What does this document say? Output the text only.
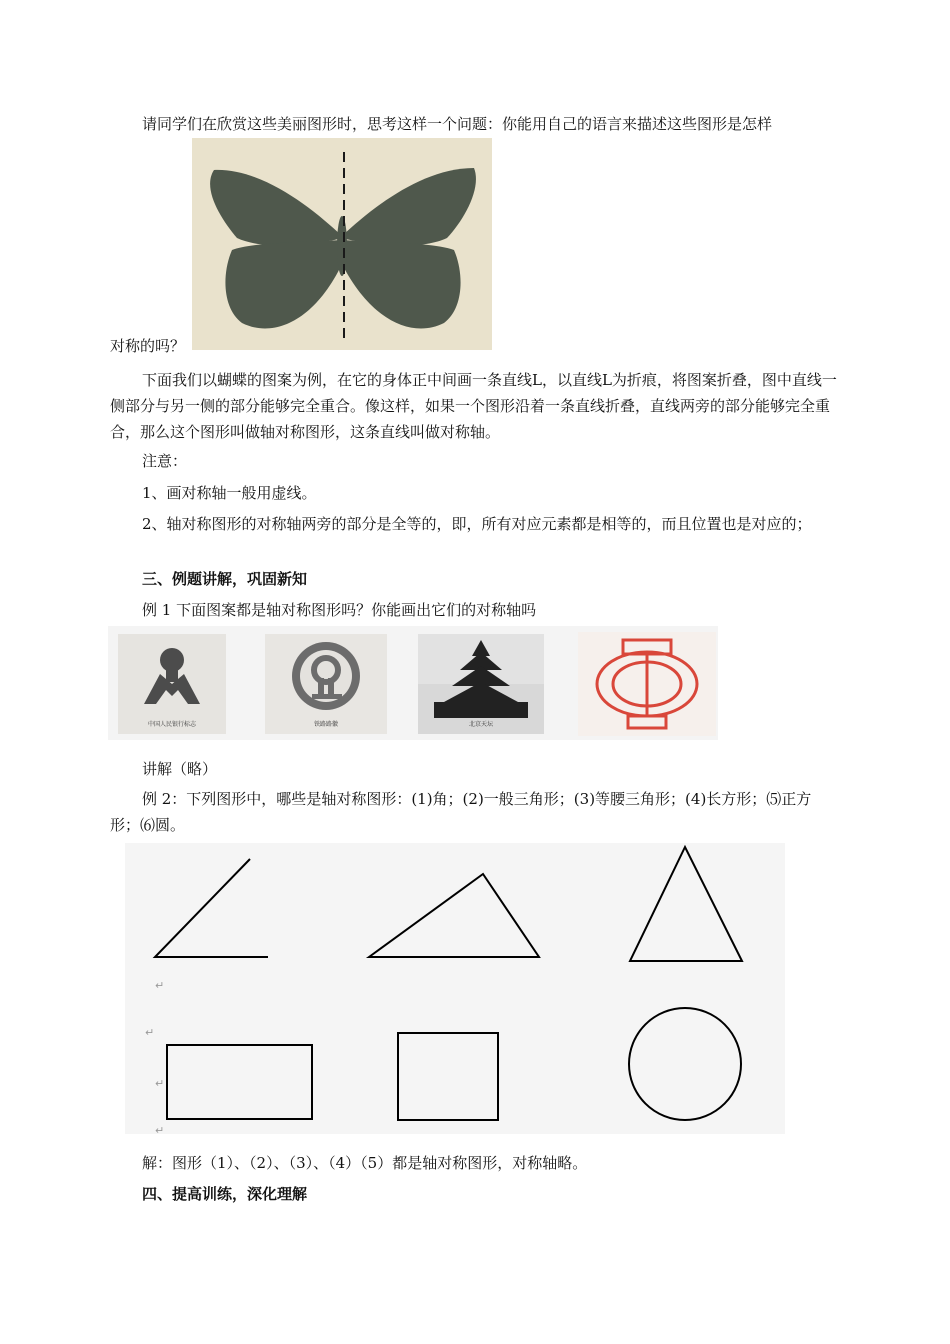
请同学们在欣赏这些美丽图形时，思考这样一个问题：你能用自己的语言来描述这些图形是怎样

对称的吗？

下面我们以蝴蝶的图案为例，在它的身体正中间画一条直线L，以直线L为折痕，将图案折叠，图中直线一侧部分与另一侧的部分能够完全重合。像这样，如果一个图形沿着一条直线折叠，直线两旁的部分能够完全重合，那么这个图形叫做轴对称图形，这条直线叫做对称轴。

注意：

1、画对称轴一般用虚线。

2、轴对称图形的对称轴两旁的部分是全等的，即，所有对应元素都是相等的，而且位置也是对应的；

三、例题讲解，巩固新知

例 1 下面图案都是轴对称图形吗？你能画出它们的对称轴吗

中国人民银行标志	铁路路徽	北京天坛

讲解（略）

例 2：下列图形中，哪些是轴对称图形：(1)角；(2)一般三角形；(3)等腰三角形；(4)长方形；⑸正方形；⑹圆。

↵
↵
↵
↵

解：图形（1）、（2）、（3）、（4）（5）都是轴对称图形，对称轴略。

四、提高训练，深化理解
